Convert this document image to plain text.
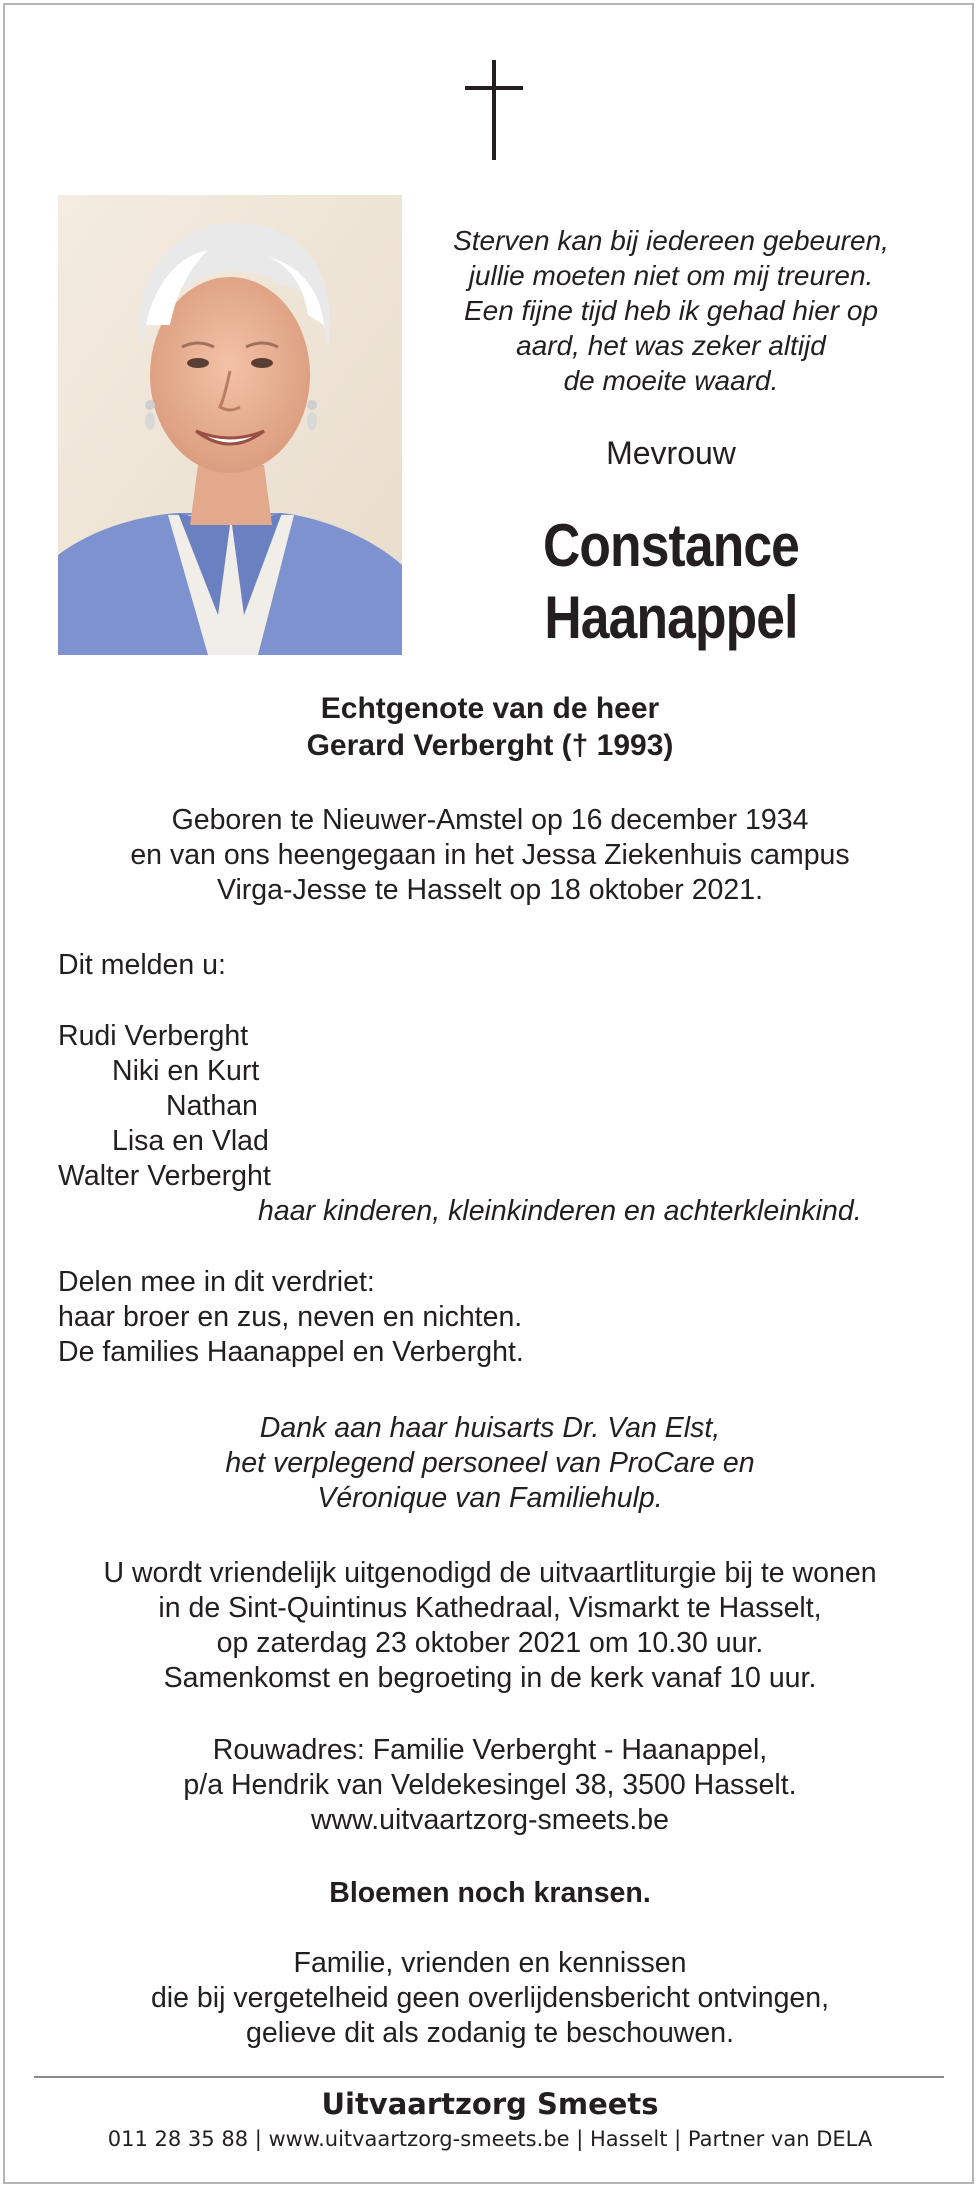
Sterven kan bij iedereen gebeuren,
jullie moeten niet om mij treuren.
Een fijne tijd heb ik gehad hier op
aard, het was zeker altijd
de moeite waard.
Mevrouw
Constance
Haanappel
Echtgenote van de heer
Gerard Verberght († 1993)
Geboren te Nieuwer-Amstel op 16 december 1934
en van ons heengegaan in het Jessa Ziekenhuis campus
Virga-Jesse te Hasselt op 18 oktober 2021.
Dit melden u:
Rudi Verberght
Niki en Kurt
Nathan
Lisa en Vlad
Walter Verberght
haar kinderen, kleinkinderen en achterkleinkind.
Delen mee in dit verdriet:
haar broer en zus, neven en nichten.
De families Haanappel en Verberght.
Dank aan haar huisarts Dr. Van Elst,
het verplegend personeel van ProCare en
Véronique van Familiehulp.
U wordt vriendelijk uitgenodigd de uitvaartliturgie bij te wonen
in de Sint-Quintinus Kathedraal, Vismarkt te Hasselt,
op zaterdag 23 oktober 2021 om 10.30 uur.
Samenkomst en begroeting in de kerk vanaf 10 uur.
Rouwadres: Familie Verberght - Haanappel,
p/a Hendrik van Veldekesingel 38, 3500 Hasselt.
www.uitvaartzorg-smeets.be
Bloemen noch kransen.
Familie, vrienden en kennissen
die bij vergetelheid geen overlijdensbericht ontvingen,
gelieve dit als zodanig te beschouwen.
Uitvaartzorg Smeets
011 28 35 88 | www.uitvaartzorg-smeets.be | Hasselt | Partner van DELA
